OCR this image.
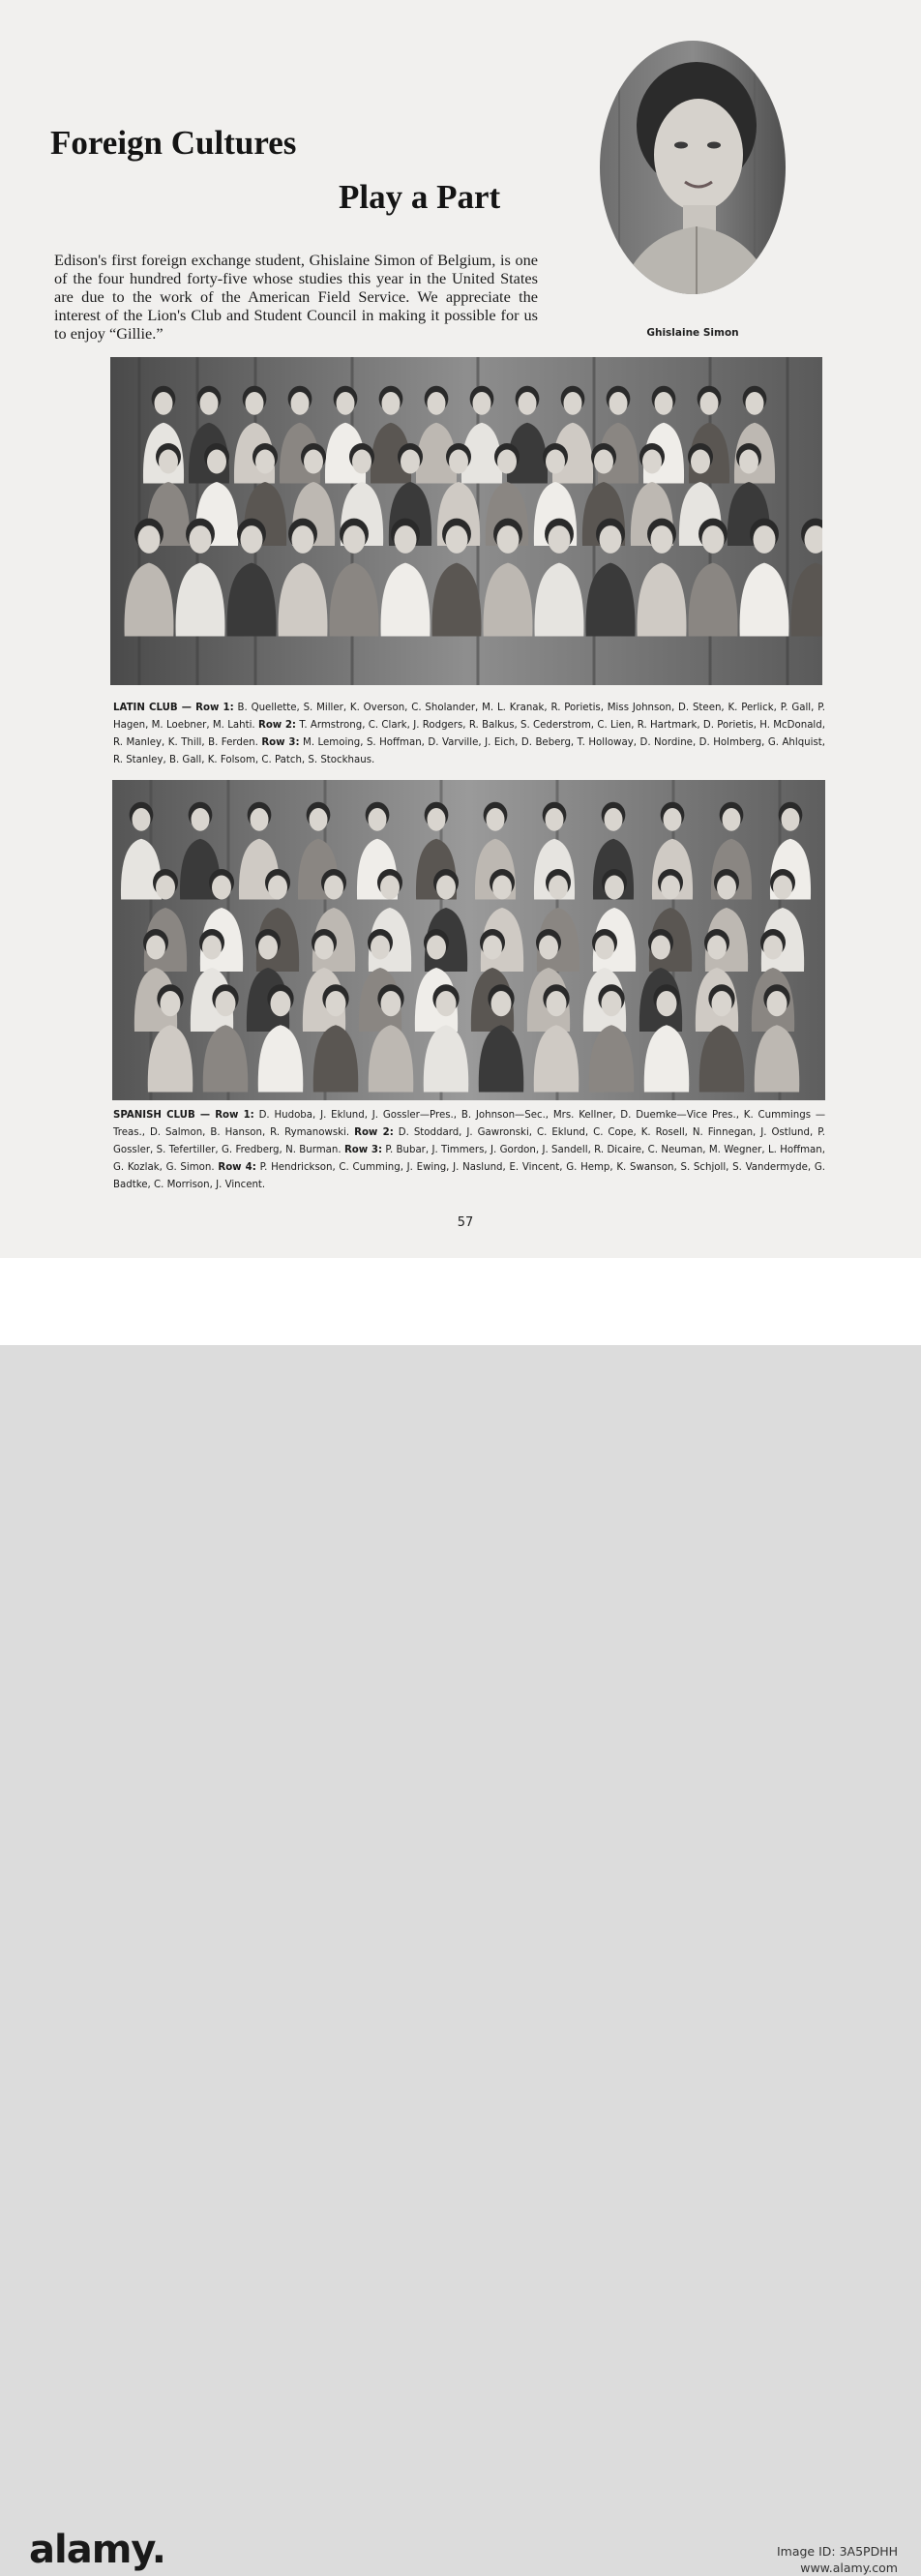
Foreign Cultures
Play a Part

Edison's first foreign exchange student, Ghislaine Simon of Belgium, is one of the four hundred forty-five whose studies this year in the United States are due to the work of the American Field Service. We appreciate the interest of the Lion's Club and Student Council in making it possible for us to enjoy “Gillie.”	Ghislaine Simon

LATIN CLUB — Row 1: B. Quellette, S. Miller, K. Overson, C. Sholander, M. L. Kranak, R. Porietis, Miss Johnson, D. Steen, K. Perlick, P. Gall, P. Hagen, M. Loebner, M. Lahti. Row 2: T. Armstrong, C. Clark, J. Rodgers, R. Balkus, S. Cederstrom, C. Lien, R. Hartmark, D. Porietis, H. McDonald, R. Manley, K. Thill, B. Ferden. Row 3: M. Lemoing, S. Hoffman, D. Varville, J. Eich, D. Beberg, T. Holloway, D. Nordine, D. Holmberg, G. Ahlquist, R. Stanley, B. Gall, K. Folsom, C. Patch, S. Stockhaus.

SPANISH CLUB — Row 1: D. Hudoba, J. Eklund, J. Gossler—Pres., B. Johnson—Sec., Mrs. Kellner, D. Duemke—Vice Pres., K. Cummings —Treas., D. Salmon, B. Hanson, R. Rymanowski. Row 2: D. Stoddard, J. Gawronski, C. Eklund, C. Cope, K. Rosell, N. Finnegan, J. Ostlund, P. Gossler, S. Tefertiller, G. Fredberg, N. Burman. Row 3: P. Bubar, J. Timmers, J. Gordon, J. Sandell, R. Dicaire, C. Neuman, M. Wegner, L. Hoffman, G. Kozlak, G. Simon. Row 4: P. Hendrickson, C. Cumming, J. Ewing, J. Naslund, E. Vincent, G. Hemp, K. Swanson, S. Schjoll, S. Vandermyde, G. Badtke, C. Morrison, J. Vincent.

57
alamy.	Image ID: 3A5PDHH
www.alamy.com
